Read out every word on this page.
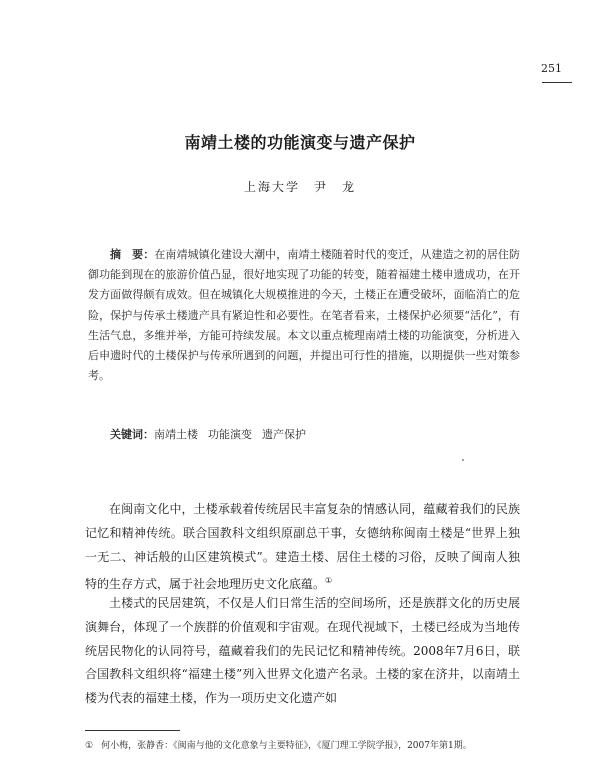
251
南靖土楼的功能演变与遗产保护
上海大学　尹　龙

摘　要：在南靖城镇化建设大潮中，南靖土楼随着时代的变迁，从建造之初的居住防御功能到现在的旅游价值凸显，很好地实现了功能的转变，随着福建土楼申遗成功，在开发方面做得颇有成效。但在城镇化大规模推进的今天，土楼正在遭受破坏，面临消亡的危险，保护与传承土楼遗产具有紧迫性和必要性。在笔者看来，土楼保护必须要“活化”，有生活气息，多维并举，方能可持续发展。本文以重点梳理南靖土楼的功能演变，分析进入后申遗时代的土楼保护与传承所遇到的问题，并提出可行性的措施，以期提供一些对策参考。

关键词：南靖土楼 功能演变 遗产保护

在闽南文化中，土楼承载着传统居民丰富复杂的情感认同，蕴藏着我们的民族记忆和精神传统。联合国教科文组织原副总干事，女德纳称闽南土楼是“世界上独一无二、神话般的山区建筑模式”。建造土楼、居住土楼的习俗，反映了闽南人独特的生存方式，属于社会地理历史文化底蕴。①

土楼式的民居建筑，不仅是人们日常生活的空间场所，还是族群文化的历史展演舞台，体现了一个族群的价值观和宇宙观。在现代视域下，土楼已经成为当地传统居民物化的认同符号，蕴藏着我们的先民记忆和精神传统。2008年7月6日，联合国教科文组织将“福建土楼”列入世界文化遗产名录。土楼的家在济井，以南靖土楼为代表的福建土楼，作为一项历史文化遗产如

① 何小梅，张静香：《闽南与他的文化意象与主要特征》，《厦门理工学院学报》，2007年第1期。
